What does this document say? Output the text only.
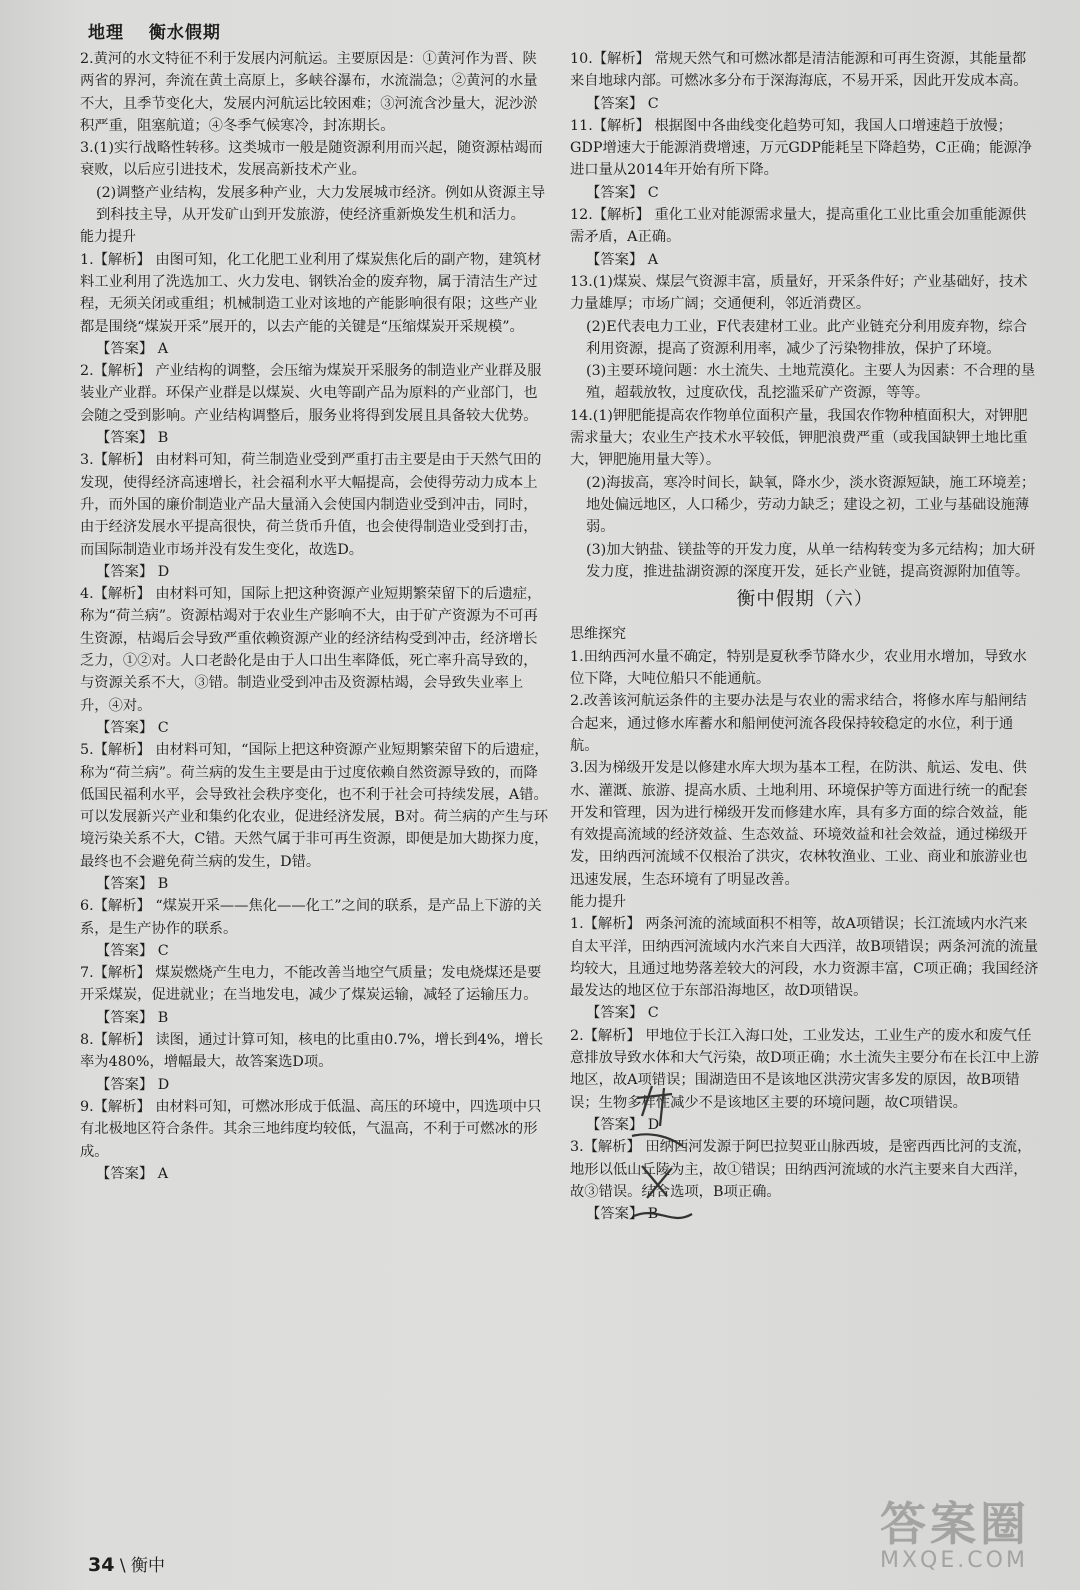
地理 衡水假期

2.黄河的水文特征不利于发展内河航运。主要原因是：①黄河作为晋、陕两省的界河，奔流在黄土高原上，多峡谷瀑布，水流湍急；②黄河的水量不大，且季节变化大，发展内河航运比较困难；③河流含沙量大，泥沙淤积严重，阻塞航道；④冬季气候寒冷，封冻期长。

3.(1)实行战略性转移。这类城市一般是随资源利用而兴起，随资源枯竭而衰败，以后应引进技术，发展高新技术产业。

(2)调整产业结构，发展多种产业，大力发展城市经济。例如从资源主导到科技主导，从开发矿山到开发旅游，使经济重新焕发生机和活力。

能力提升

1.【解析】 由图可知，化工化肥工业利用了煤炭焦化后的副产物，建筑材料工业利用了洗选加工、火力发电、钢铁冶金的废弃物，属于清洁生产过程，无须关闭或重组；机械制造工业对该地的产能影响很有限；这些产业都是围绕“煤炭开采”展开的，以去产能的关键是“压缩煤炭开采规模”。

【答案】 A

2.【解析】 产业结构的调整，会压缩为煤炭开采服务的制造业产业群及服装业产业群。环保产业群是以煤炭、火电等副产品为原料的产业部门，也会随之受到影响。产业结构调整后，服务业将得到发展且具备较大优势。

【答案】 B

3.【解析】 由材料可知，荷兰制造业受到严重打击主要是由于天然气田的发现，使得经济高速增长，社会福利水平大幅提高，会使得劳动力成本上升，而外国的廉价制造业产品大量涌入会使国内制造业受到冲击，同时，由于经济发展水平提高很快，荷兰货币升值，也会使得制造业受到打击，而国际制造业市场并没有发生变化，故选D。

【答案】 D

4.【解析】 由材料可知，国际上把这种资源产业短期繁荣留下的后遗症，称为“荷兰病”。资源枯竭对于农业生产影响不大，由于矿产资源为不可再生资源，枯竭后会导致严重依赖资源产业的经济结构受到冲击，经济增长乏力，①②对。人口老龄化是由于人口出生率降低，死亡率升高导致的，与资源关系不大，③错。制造业受到冲击及资源枯竭，会导致失业率上升，④对。

【答案】 C

5.【解析】 由材料可知，“国际上把这种资源产业短期繁荣留下的后遗症，称为“荷兰病”。荷兰病的发生主要是由于过度依赖自然资源导致的，而降低国民福利水平，会导致社会秩序变化，也不利于社会可持续发展，A错。可以发展新兴产业和集约化农业，促进经济发展，B对。荷兰病的产生与环境污染关系不大，C错。天然气属于非可再生资源，即便是加大勘探力度，最终也不会避免荷兰病的发生，D错。

【答案】 B

6.【解析】 “煤炭开采——焦化——化工”之间的联系，是产品上下游的关系，是生产协作的联系。

【答案】 C

7.【解析】 煤炭燃烧产生电力，不能改善当地空气质量；发电烧煤还是要开采煤炭，促进就业；在当地发电，减少了煤炭运输，减轻了运输压力。

【答案】 B

8.【解析】 读图，通过计算可知，核电的比重由0.7%，增长到4%，增长率为480%，增幅最大，故答案选D项。

【答案】 D

9.【解析】 由材料可知，可燃冰形成于低温、高压的环境中，四选项中只有北极地区符合条件。其余三地纬度均较低，气温高，不利于可燃冰的形成。

【答案】 A

10.【解析】 常规天然气和可燃冰都是清洁能源和可再生资源，其能量都来自地球内部。可燃冰多分布于深海海底，不易开采，因此开发成本高。

【答案】 C

11.【解析】 根据图中各曲线变化趋势可知，我国人口增速趋于放慢；GDP增速大于能源消费增速，万元GDP能耗呈下降趋势，C正确；能源净进口量从2014年开始有所下降。

【答案】 C

12.【解析】 重化工业对能源需求量大，提高重化工业比重会加重能源供需矛盾，A正确。

【答案】 A

13.(1)煤炭、煤层气资源丰富，质量好，开采条件好；产业基础好，技术力量雄厚；市场广阔；交通便利，邻近消费区。

(2)E代表电力工业，F代表建材工业。此产业链充分利用废弃物，综合利用资源，提高了资源利用率，减少了污染物排放，保护了环境。

(3)主要环境问题：水土流失、土地荒漠化。主要人为因素：不合理的垦殖，超载放牧，过度砍伐，乱挖滥采矿产资源，等等。

14.(1)钾肥能提高农作物单位面积产量，我国农作物种植面积大，对钾肥需求量大；农业生产技术水平较低，钾肥浪费严重（或我国缺钾土地比重大，钾肥施用量大等）。

(2)海拔高，寒冷时间长，缺氧，降水少，淡水资源短缺，施工环境差；地处偏远地区，人口稀少，劳动力缺乏；建设之初，工业与基础设施薄弱。

(3)加大钠盐、镁盐等的开发力度，从单一结构转变为多元结构；加大研发力度，推进盐湖资源的深度开发，延长产业链，提高资源附加值等。

衡中假期（六）

思维探究

1.田纳西河水量不确定，特别是夏秋季节降水少，农业用水增加，导致水位下降，大吨位船只不能通航。

2.改善该河航运条件的主要办法是与农业的需求结合，将修水库与船闸结合起来，通过修水库蓄水和船闸使河流各段保持较稳定的水位，利于通航。

3.因为梯级开发是以修建水库大坝为基本工程，在防洪、航运、发电、供水、灌溉、旅游、提高水质、土地利用、环境保护等方面进行统一的配套开发和管理，因为进行梯级开发而修建水库，具有多方面的综合效益，能有效提高流域的经济效益、生态效益、环境效益和社会效益，通过梯级开发，田纳西河流域不仅根治了洪灾，农林牧渔业、工业、商业和旅游业也迅速发展，生态环境有了明显改善。

能力提升

1.【解析】 两条河流的流域面积不相等，故A项错误；长江流域内水汽来自太平洋，田纳西河流域内水汽来自大西洋，故B项错误；两条河流的流量均较大，且通过地势落差较大的河段，水力资源丰富，C项正确；我国经济最发达的地区位于东部沿海地区，故D项错误。

【答案】 C

2.【解析】 甲地位于长江入海口处，工业发达，工业生产的废水和废气任意排放导致水体和大气污染，故D项正确；水土流失主要分布在长江中上游地区，故A项错误；围湖造田不是该地区洪涝灾害多发的原因，故B项错误；生物多样性减少不是该地区主要的环境问题，故C项错误。

【答案】 D

3.【解析】 田纳西河发源于阿巴拉契亚山脉西坡，是密西西比河的支流，地形以低山丘陵为主，故①错误；田纳西河流域的水汽主要来自大西洋，故③错误。结合选项，B项正确。

【答案】 B

34 \ 衡中
答案圈
MXQE.COM
